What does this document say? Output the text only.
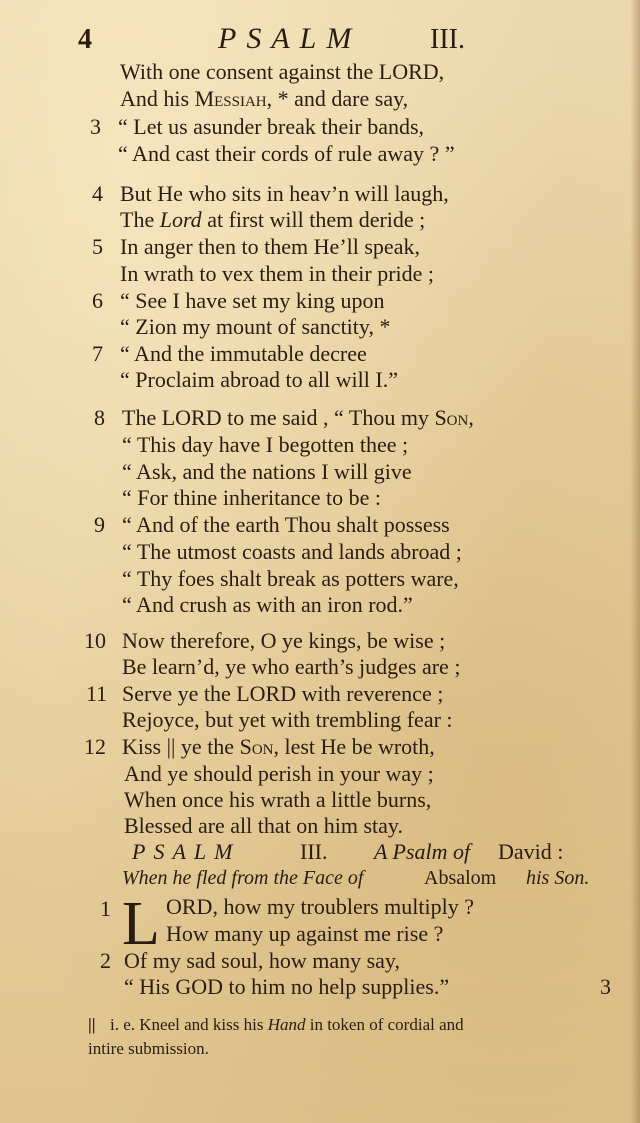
4	PSALM III.
With one consent against the LORD,
And his Messiah, * and dare say,
3 “ Let us asunder break their bands,
“ And cast their cords of rule away ? ”
4 But He who sits in heav’n will laugh,
The Lord at first will them deride ;
5 In anger then to them He’ll speak,
In wrath to vex them in their pride ;
6 “ See I have set my king upon
“ Zion my mount of sanctity, *
7 “ And the immutable decree
“ Proclaim abroad to all will I.”
8 The LORD to me said , “ Thou my Son,
“ This day have I begotten thee ;
“ Ask, and the nations I will give
“ For thine inheritance to be :
9 “ And of the earth Thou shalt possess
“ The utmost coasts and lands abroad ;
“ Thy foes shalt break as potters ware,
“ And crush as with an iron rod.”
10 Now therefore, O ye kings, be wise ;
Be learn’d, ye who earth’s judges are ;
11 Serve ye the LORD with reverence ;
Rejoyce, but yet with trembling fear :
12 Kiss || ye the Son, lest He be wroth,
And ye should perish in your way ;
When once his wrath a little burns,
Blessed are all that on him stay.
PSALM	III. A Psalm of David :
When he fled from the Face of	Absalom his Son.
1 L ORD, how my troublers multiply ?
How many up against me rise ?
2 Of my sad soul, how many say,
“ His GOD to him no help supplies.”	3
|| i. e. Kneel and kiss his Hand in token of cordial and
intire submission.
